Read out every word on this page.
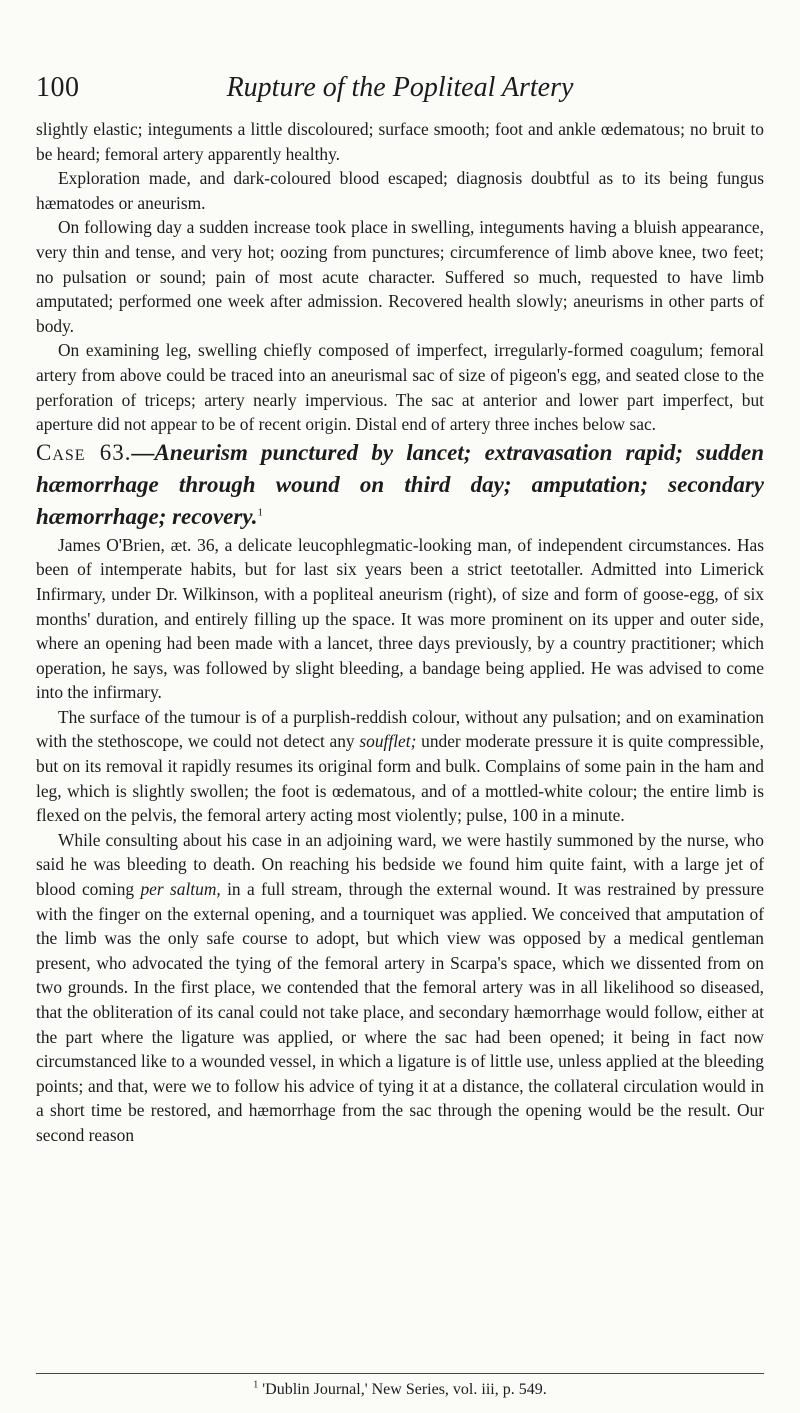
100	Rupture of the Popliteal Artery

slightly elastic; integuments a little discoloured; surface smooth; foot and ankle œdematous; no bruit to be heard; femoral artery apparently healthy.

Exploration made, and dark-coloured blood escaped; diagnosis doubtful as to its being fungus hæmatodes or aneurism.

On following day a sudden increase took place in swelling, integuments having a bluish appearance, very thin and tense, and very hot; oozing from punctures; circumference of limb above knee, two feet; no pulsation or sound; pain of most acute character. Suffered so much, requested to have limb amputated; performed one week after admission. Recovered health slowly; aneurisms in other parts of body.

On examining leg, swelling chiefly composed of imperfect, irregularly-formed coagulum; femoral artery from above could be traced into an aneurismal sac of size of pigeon's egg, and seated close to the perforation of triceps; artery nearly impervious. The sac at anterior and lower part imperfect, but aperture did not appear to be of recent origin. Distal end of artery three inches below sac.

Case 63.—Aneurism punctured by lancet; extravasation rapid; sudden hæmorrhage through wound on third day; amputation; secondary hæmorrhage; recovery.$^1$

James O'Brien, æt. 36, a delicate leucophlegmatic-looking man, of independent circumstances. Has been of intemperate habits, but for last six years been a strict teetotaller. Admitted into Limerick Infirmary, under Dr. Wilkinson, with a popliteal aneurism (right), of size and form of goose-egg, of six months' duration, and entirely filling up the space. It was more prominent on its upper and outer side, where an opening had been made with a lancet, three days previously, by a country practitioner; which operation, he says, was followed by slight bleeding, a bandage being applied. He was advised to come into the infirmary.

The surface of the tumour is of a purplish-reddish colour, without any pulsation; and on examination with the stethoscope, we could not detect any soufflet; under moderate pressure it is quite compressible, but on its removal it rapidly resumes its original form and bulk. Complains of some pain in the ham and leg, which is slightly swollen; the foot is œdematous, and of a mottled-white colour; the entire limb is flexed on the pelvis, the femoral artery acting most violently; pulse, 100 in a minute.

While consulting about his case in an adjoining ward, we were hastily summoned by the nurse, who said he was bleeding to death. On reaching his bedside we found him quite faint, with a large jet of blood coming per saltum, in a full stream, through the external wound. It was restrained by pressure with the finger on the external opening, and a tourniquet was applied. We conceived that amputation of the limb was the only safe course to adopt, but which view was opposed by a medical gentleman present, who advocated the tying of the femoral artery in Scarpa's space, which we dissented from on two grounds. In the first place, we contended that the femoral artery was in all likelihood so diseased, that the obliteration of its canal could not take place, and secondary hæmorrhage would follow, either at the part where the ligature was applied, or where the sac had been opened; it being in fact now circumstanced like to a wounded vessel, in which a ligature is of little use, unless applied at the bleeding points; and that, were we to follow his advice of tying it at a distance, the collateral circulation would in a short time be restored, and hæmorrhage from the sac through the opening would be the result. Our second reason

$^1$ 'Dublin Journal,' New Series, vol. iii, p. 549.
